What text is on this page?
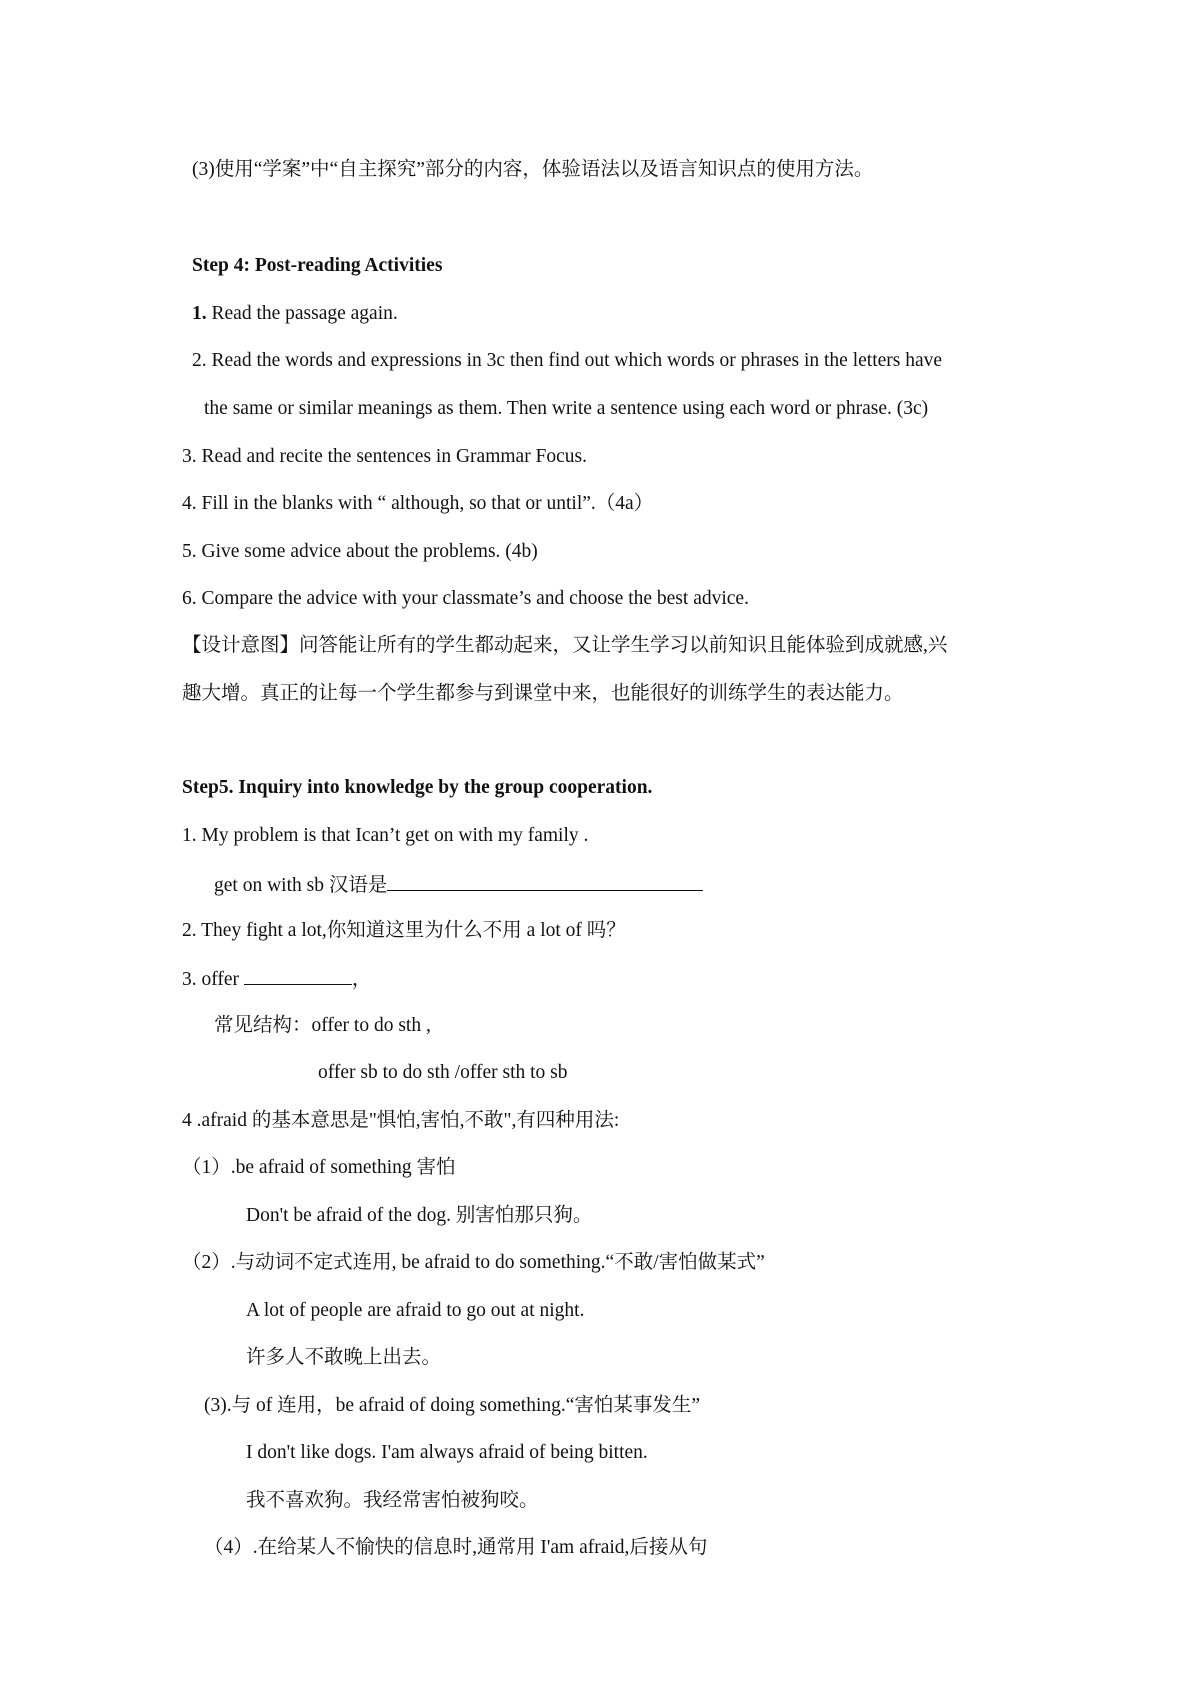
(3)使用“学案”中“自主探究”部分的内容，体验语法以及语言知识点的使用方法。
Step 4: Post-reading Activities
1. Read the passage again.
2. Read the words and expressions in 3c then find out which words or phrases in the letters have
the same or similar meanings as them. Then write a sentence using each word or phrase. (3c)
3. Read and recite the sentences in Grammar Focus.
4. Fill in the blanks with “ although, so that or until”.（4a）
5. Give some advice about the problems. (4b)
6. Compare the advice with your classmate’s and choose the best advice.
【设计意图】问答能让所有的学生都动起来，又让学生学习以前知识且能体验到成就感,兴
趣大增。真正的让每一个学生都参与到课堂中来，也能很好的训练学生的表达能力。
Step5. Inquiry into knowledge by the group cooperation.
1. My problem is that Ican’t get on with my family .
get on with sb 汉语是
2. They fight a lot,你知道这里为什么不用 a lot of 吗？
3. offer	，
常见结构：offer to do sth ,
offer sb to do sth /offer sth to sb
4 .afraid 的基本意思是"惧怕,害怕,不敢",有四种用法:
（1）.be afraid of something 害怕
Don't be afraid of the dog. 别害怕那只狗。
（2）.与动词不定式连用, be afraid to do something.“不敢/害怕做某式”
A lot of people are afraid to go out at night.
许多人不敢晚上出去。
(3).与 of 连用，be afraid of doing something.“害怕某事发生”
I don't like dogs. I'am always afraid of being bitten.
我不喜欢狗。我经常害怕被狗咬。
（4）.在给某人不愉快的信息时,通常用 I'am afraid,后接从句
